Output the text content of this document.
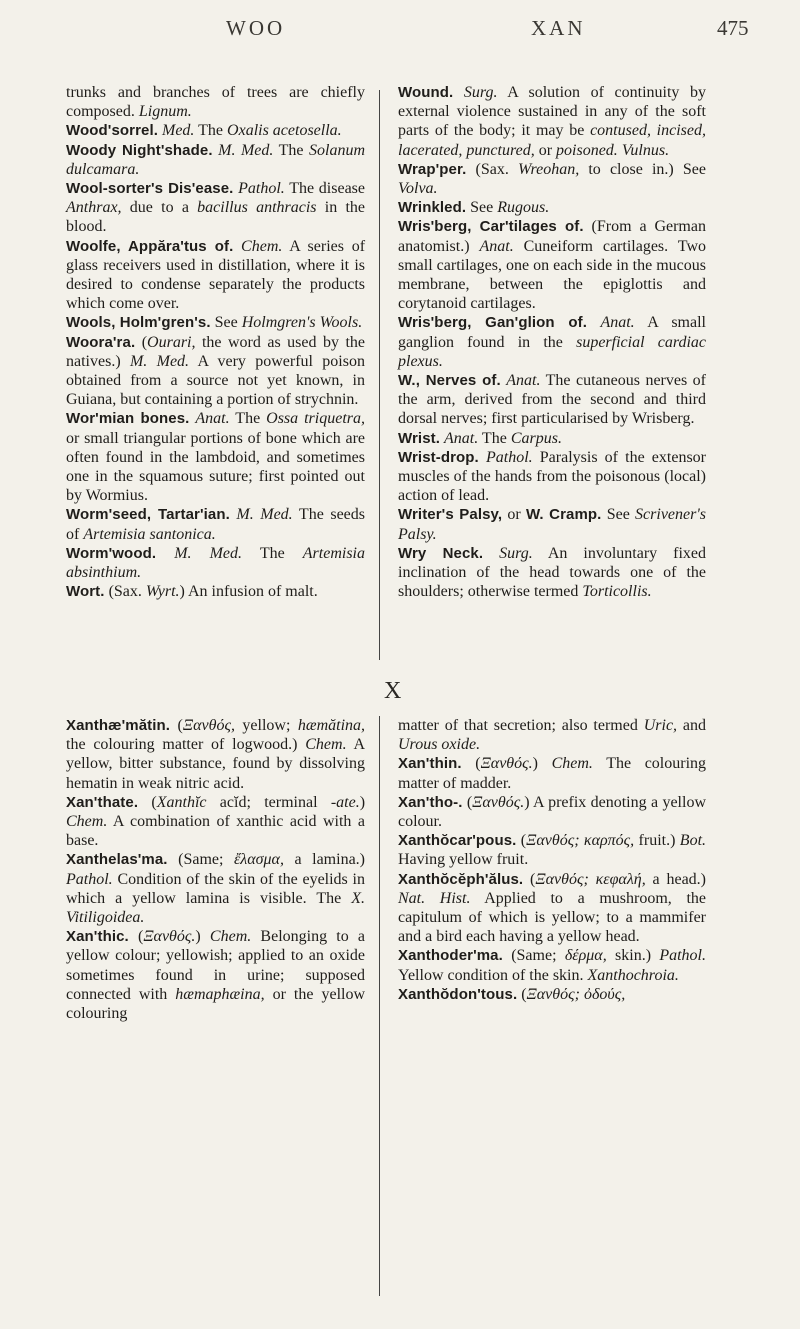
WOO	XAN	475

trunks and branches of trees are chiefly composed. Lignum.

Wood'sorrel. Med. The Oxalis acetosella.

Woody Night'shade. M. Med. The Solanum dulcamara.

Wool-sorter's Dis'ease. Pathol. The disease Anthrax, due to a bacillus anthracis in the blood.

Woolfe, Appăra'tus of. Chem. A series of glass receivers used in distillation, where it is desired to condense separately the products which come over.

Wools, Holm'gren's. See Holmgren's Wools.

Woora'ra. (Ourari, the word as used by the natives.) M. Med. A very powerful poison obtained from a source not yet known, in Guiana, but containing a portion of strychnin.

Wor'mian bones. Anat. The Ossa triquetra, or small triangular portions of bone which are often found in the lambdoid, and sometimes one in the squamous suture; first pointed out by Wormius.

Worm'seed, Tartar'ian. M. Med. The seeds of Artemisia santonica.

Worm'wood. M. Med. The Artemisia absinthium.

Wort. (Sax. Wyrt.) An infusion of malt.

Wound. Surg. A solution of continuity by external violence sustained in any of the soft parts of the body; it may be contused, incised, lacerated, punctured, or poisoned. Vulnus.

Wrap'per. (Sax. Wreohan, to close in.) See Volva.

Wrinkled. See Rugous.

Wris'berg, Car'tilages of. (From a German anatomist.) Anat. Cuneiform cartilages. Two small cartilages, one on each side in the mucous membrane, between the epiglottis and corytanoid cartilages.

Wris'berg, Gan'glion of. Anat. A small ganglion found in the superficial cardiac plexus.

W., Nerves of. Anat. The cutaneous nerves of the arm, derived from the second and third dorsal nerves; first particularised by Wrisberg.

Wrist. Anat. The Carpus.

Wrist-drop. Pathol. Paralysis of the extensor muscles of the hands from the poisonous (local) action of lead.

Writer's Palsy, or W. Cramp. See Scrivener's Palsy.

Wry Neck. Surg. An involuntary fixed inclination of the head towards one of the shoulders; otherwise termed Torticollis.

X

Xanthæ'mătin. (Ξανθός, yellow; hæmătina, the colouring matter of logwood.) Chem. A yellow, bitter substance, found by dissolving hematin in weak nitric acid.

Xan'thate. (Xanthĭc acĭd; terminal -ate.) Chem. A combination of xanthic acid with a base.

Xanthelas'ma. (Same; ἔλασμα, a lamina.) Pathol. Condition of the skin of the eyelids in which a yellow lamina is visible. The X. Vitiligoidea.

Xan'thic. (Ξανθός.) Chem. Belonging to a yellow colour; yellowish; applied to an oxide sometimes found in urine; supposed connected with hæmaphæina, or the yellow colouring

matter of that secretion; also termed Uric, and Urous oxide.

Xan'thin. (Ξανθός.) Chem. The colouring matter of madder.

Xan'tho-. (Ξανθός.) A prefix denoting a yellow colour.

Xanthŏcar'pous. (Ξανθός; καρπός, fruit.) Bot. Having yellow fruit.

Xanthŏcĕph'ălus. (Ξανθός; κεφαλή, a head.) Nat. Hist. Applied to a mushroom, the capitulum of which is yellow; to a mammifer and a bird each having a yellow head.

Xanthoder'ma. (Same; δέρμα, skin.) Pathol. Yellow condition of the skin. Xanthochroia.

Xanthŏdon'tous. (Ξανθός; ὀδούς,
